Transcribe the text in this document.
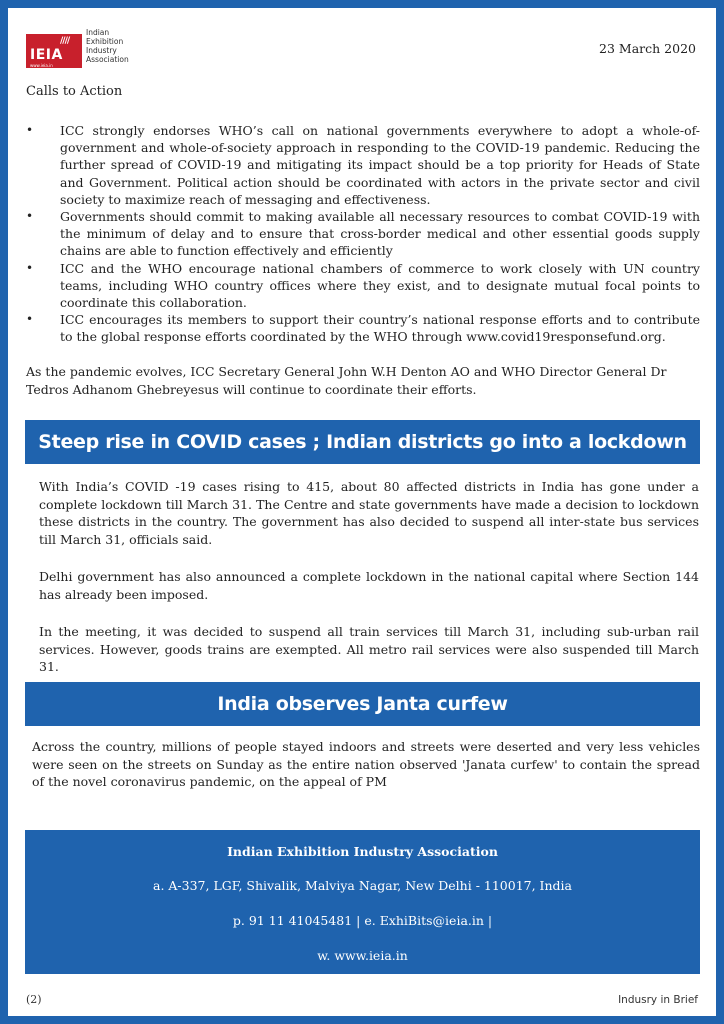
////
IEIA
www.ieia.in
Indian
Exhibition
Industry
Association
23 March 2020
Calls to Action
• ICC strongly endorses WHO’s call on national governments everywhere to adopt a whole-of- government and whole-of-society approach in responding to the COVID-19 pandemic. Reducing the further spread of COVID-19 and mitigating its impact should be a top priority for Heads of State and Government. Political action should be coordinated with actors in the private sector and civil society to maximize reach of messaging and effectiveness.
• Governments should commit to making available all necessary resources to combat COVID-19 with the minimum of delay and to ensure that cross-border medical and other essential goods supply chains are able to function effectively and efficiently
• ICC and the WHO encourage national chambers of commerce to work closely with UN country teams, including WHO country offices where they exist, and to designate mutual focal points to coordinate this collaboration.
• ICC encourages its members to support their country’s national response efforts and to contribute to the global response efforts coordinated by the WHO through www.covid19responsefund.org.

As the pandemic evolves, ICC Secretary General John W.H Denton AO and WHO Director General Dr Tedros Adhanom Ghebreyesus will continue to coordinate their efforts.

Steep rise in COVID cases ; Indian districts go into a lockdown

With India’s COVID -19 cases rising to 415, about 80 affected districts in India has gone under a complete lockdown till March 31. The Centre and state governments have made a decision to lockdown these districts in the country. The government has also decided to suspend all inter-state bus services till March 31, officials said.

Delhi government has also announced a complete lockdown in the national capital where Section 144 has already been imposed.

In the meeting, it was decided to suspend all train services till March 31, including sub-urban rail services. However, goods trains are exempted. All metro rail services were also suspended till March 31.

India observes Janta curfew

Across the country, millions of people stayed indoors and streets were deserted and very less vehicles were seen on the streets on Sunday as the entire nation observed 'Janata curfew' to contain the spread of the novel coronavirus pandemic, on the appeal of PM

Indian Exhibition Industry Association
a. A-337, LGF, Shivalik, Malviya Nagar, New Delhi - 110017, India
p. 91 11 41045481 | e. ExhiBits@ieia.in |
w. www.ieia.in
(2)	Indusry in Brief
